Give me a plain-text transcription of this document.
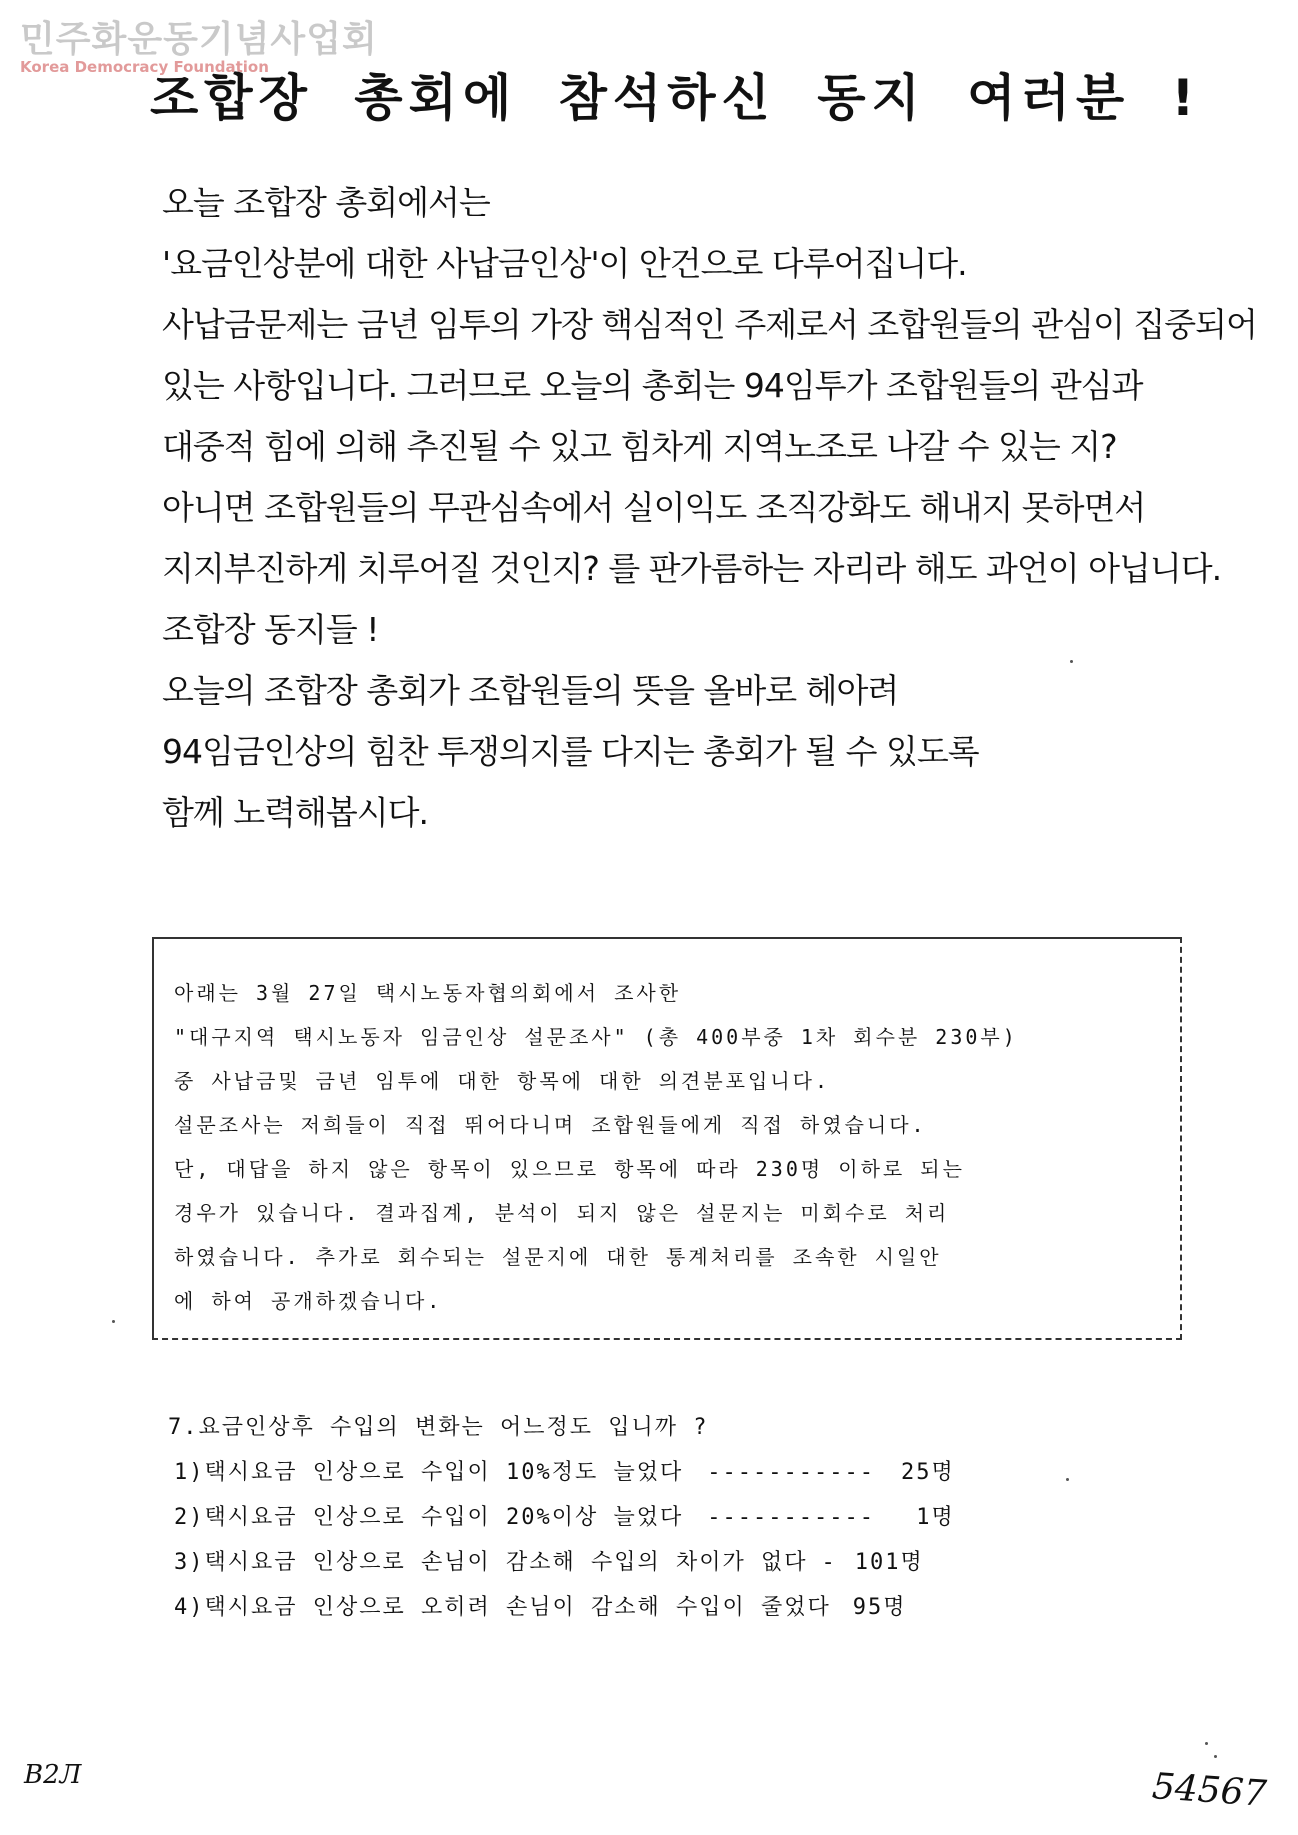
민주화운동기념사업회
Korea Democracy Foundation
조합장 총회에 참석하신 동지 여러분 !
오늘 조합장 총회에서는
'요금인상분에 대한 사납금인상'이 안건으로 다루어집니다.
사납금문제는 금년 임투의 가장 핵심적인 주제로서 조합원들의 관심이 집중되어
있는 사항입니다. 그러므로 오늘의 총회는 94임투가 조합원들의 관심과
대중적 힘에 의해 추진될 수 있고 힘차게 지역노조로 나갈 수 있는 지?
아니면 조합원들의 무관심속에서 실이익도 조직강화도 해내지 못하면서
지지부진하게 치루어질 것인지? 를 판가름하는 자리라 해도 과언이 아닙니다.
조합장 동지들 !
오늘의 조합장 총회가 조합원들의 뜻을 올바로 헤아려
94임금인상의 힘찬 투쟁의지를 다지는 총회가 될 수 있도록
함께 노력해봅시다.
아래는 3월 27일 택시노동자협의회에서 조사한
"대구지역 택시노동자 임금인상 설문조사" (총 400부중 1차 회수분 230부)
중 사납금및 금년 임투에 대한 항목에 대한 의견분포입니다.
설문조사는 저희들이 직접 뛰어다니며 조합원들에게 직접 하였습니다.
단, 대답을 하지 않은 항목이 있으므로 항목에 따라 230명 이하로 되는
경우가 있습니다. 결과집계, 분석이 되지 않은 설문지는 미회수로 처리
하였습니다. 추가로 회수되는 설문지에 대한 통계처리를 조속한 시일안
에 하여 공개하겠습니다.
7.요금인상후 수입의 변화는 어느정도 입니까 ?
1)택시요금 인상으로 수입이 10%정도 늘었다 ----------- 25명
2)택시요금 인상으로 수입이 20%이상 늘었다 ----------- 1명
3)택시요금 인상으로 손님이 감소해 수입의 차이가 없다 - 101명
4)택시요금 인상으로 오히려 손님이 감소해 수입이 줄었다 95명
B2Л	54567
